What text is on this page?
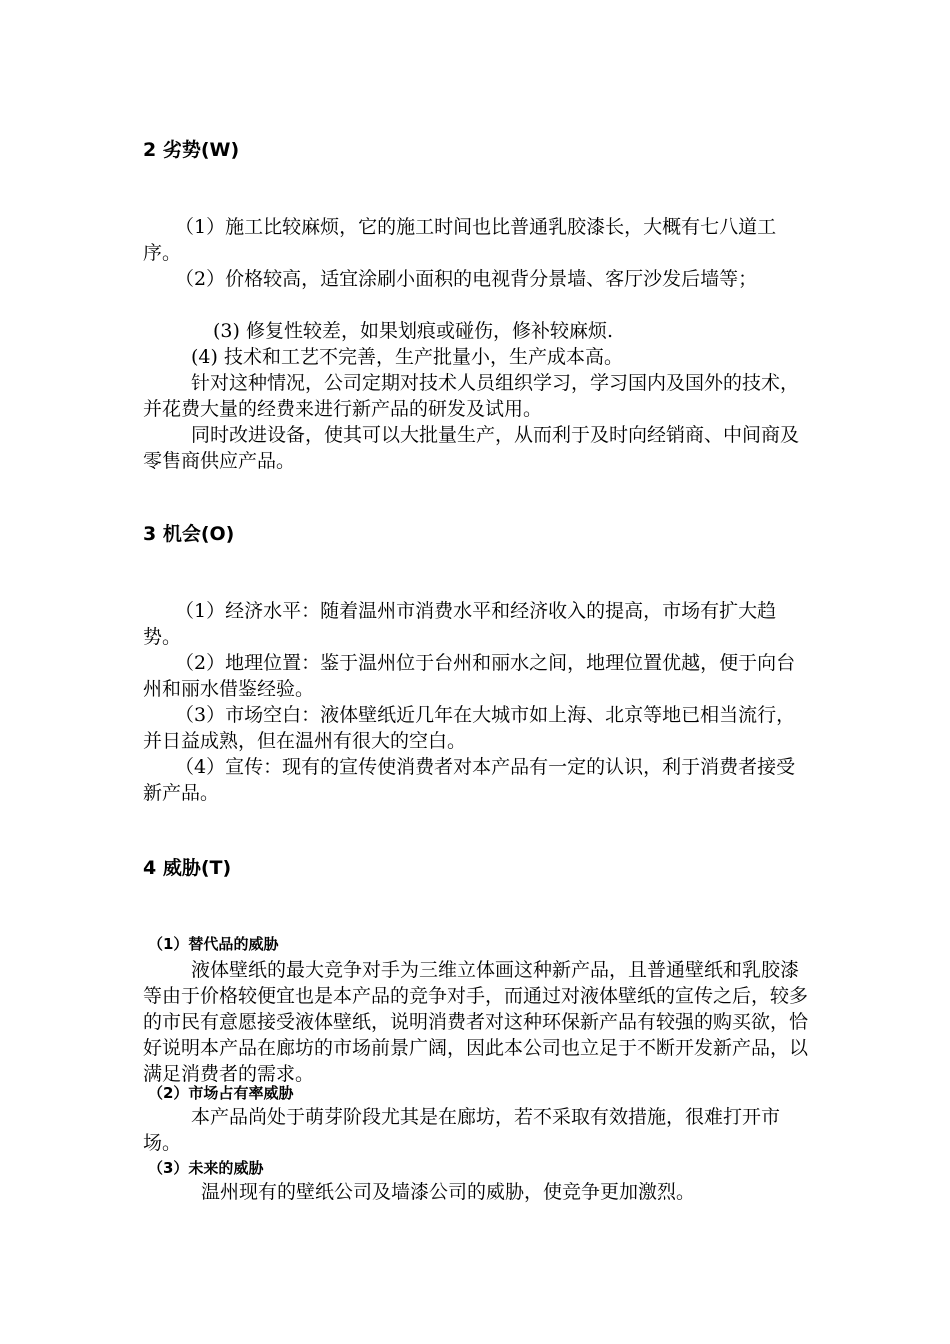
2 劣势(W)

（1）施工比较麻烦，它的施工时间也比普通乳胶漆长，大概有七八道工序。

（2）价格较高，适宜涂刷小面积的电视背分景墙、客厅沙发后墙等；

(3) 修复性较差，如果划痕或碰伤，修补较麻烦.

(4) 技术和工艺不完善，生产批量小，生产成本高。

针对这种情况，公司定期对技术人员组织学习，学习国内及国外的技术，并花费大量的经费来进行新产品的研发及试用。

同时改进设备，使其可以大批量生产，从而利于及时向经销商、中间商及零售商供应产品。

3 机会(O)

（1）经济水平：随着温州市消费水平和经济收入的提高，市场有扩大趋势。

（2）地理位置：鉴于温州位于台州和丽水之间，地理位置优越，便于向台州和丽水借鉴经验。

（3）市场空白：液体壁纸近几年在大城市如上海、北京等地已相当流行，并日益成熟，但在温州有很大的空白。

（4）宣传：现有的宣传使消费者对本产品有一定的认识，利于消费者接受新产品。

4 威胁(T)
（1）替代品的威胁

液体壁纸的最大竞争对手为三维立体画这种新产品，且普通壁纸和乳胶漆等由于价格较便宜也是本产品的竞争对手，而通过对液体壁纸的宣传之后，较多的市民有意愿接受液体壁纸，说明消费者对这种环保新产品有较强的购买欲，恰好说明本产品在廊坊的市场前景广阔，因此本公司也立足于不断开发新产品，以满足消费者的需求。

（2）市场占有率威胁

本产品尚处于萌芽阶段尤其是在廊坊，若不采取有效措施，很难打开市场。

（3）未来的威胁

温州现有的壁纸公司及墙漆公司的威胁，使竞争更加激烈。
